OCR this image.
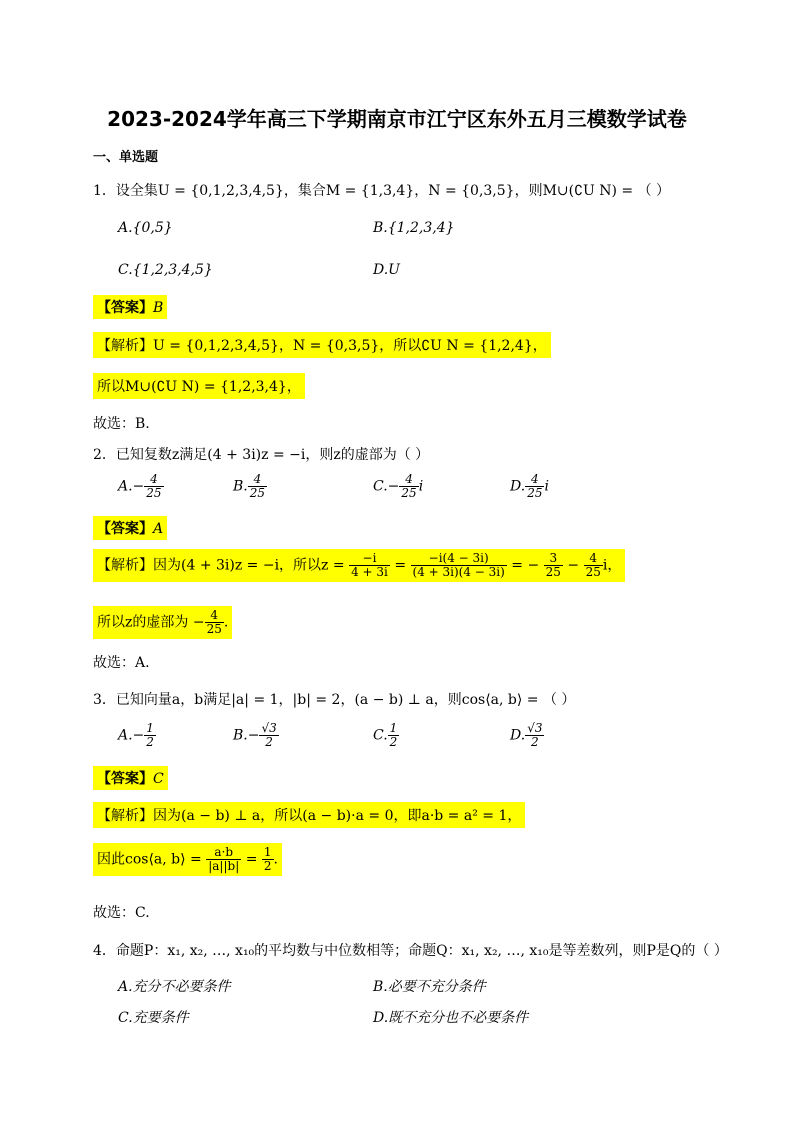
2023-2024学年高三下学期南京市江宁区东外五月三模数学试卷
一、单选题
1．设全集U = {0,1,2,3,4,5}，集合M = {1,3,4}，N = {0,3,5}，则M∪(∁U N) = （ ）
A.{0,5}	B.{1,2,3,4}
C.{1,2,3,4,5}	D.U
【答案】B
【解析】U = {0,1,2,3,4,5}，N = {0,3,5}，所以∁U N = {1,2,4}，
所以M∪(∁U N) = {1,2,3,4}，
故选：B.
2．已知复数z满足(4 + 3i)z = −i，则z的虚部为（ ）
$A.- \frac{4}{25}$	B. $\frac{4}{25}$	$C.- \frac{4}{25}$ i	D. $\frac{4}{25}$ i
【答案】A
【解析】因为(4 + 3i)z = −i，所以$z = \frac{-i}{4 + 3i} = \frac{-i(4 - 3i)}{(4 + 3i)(4 - 3i)}$ = − $\frac{3}{25} - \frac{4}{25}$ i，
所以z的虚部为 − $\frac{4}{25}$ .
故选：A.
3．已知向量a，b满足|a| = 1，|b| = 2，(a − b) ⊥ a，则cos⟨a, b⟩ = （ ）
$A.- \frac{1}{2}$	$B.- \frac{√3}{2}$	C. $\frac{1}{2}$	D. $\frac{√3}{2}$
【答案】C
【解析】因为(a − b) ⊥ a，所以(a − b)·a = 0，即a·b = a² = 1，
因此cos⟨a, b⟩ = $\frac{a\cdot b}{|a||b|} = \frac{1}{2}$ .
故选：C.
4．命题P：x₁, x₂, …, x₁₀的平均数与中位数相等；命题Q：x₁, x₂, …, x₁₀是等差数列，则P是Q的（ ）
A.充分不必要条件	B.必要不充分条件
C.充要条件	D.既不充分也不必要条件
